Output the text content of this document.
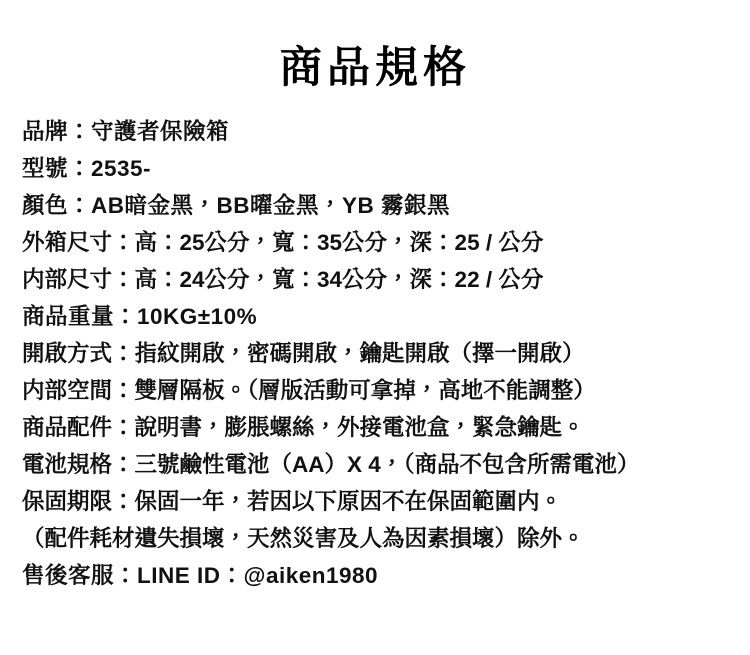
商品規格
品牌：守護者保險箱
型號：2535-
顏色：AB暗金黑，BB曜金黑，YB 霧銀黑
外箱尺寸：高：25公分，寬：35公分，深：25 / 公分
内部尺寸：高：24公分，寬：34公分，深：22 / 公分
商品重量：10KG±10%
開啟方式：指紋開啟，密碼開啟，鑰匙開啟（擇一開啟）
内部空間：雙層隔板。（層版活動可拿掉，高地不能調整）
商品配件：說明書，膨脹螺絲，外接電池盒，緊急鑰匙。
電池規格：三號鹼性電池（AA）X 4，（商品不包含所需電池）
保固期限：保固一年，若因以下原因不在保固範圍内。
（配件耗材遺失損壞，天然災害及人為因素損壞）除外。
售後客服：LINE ID：@aiken1980
